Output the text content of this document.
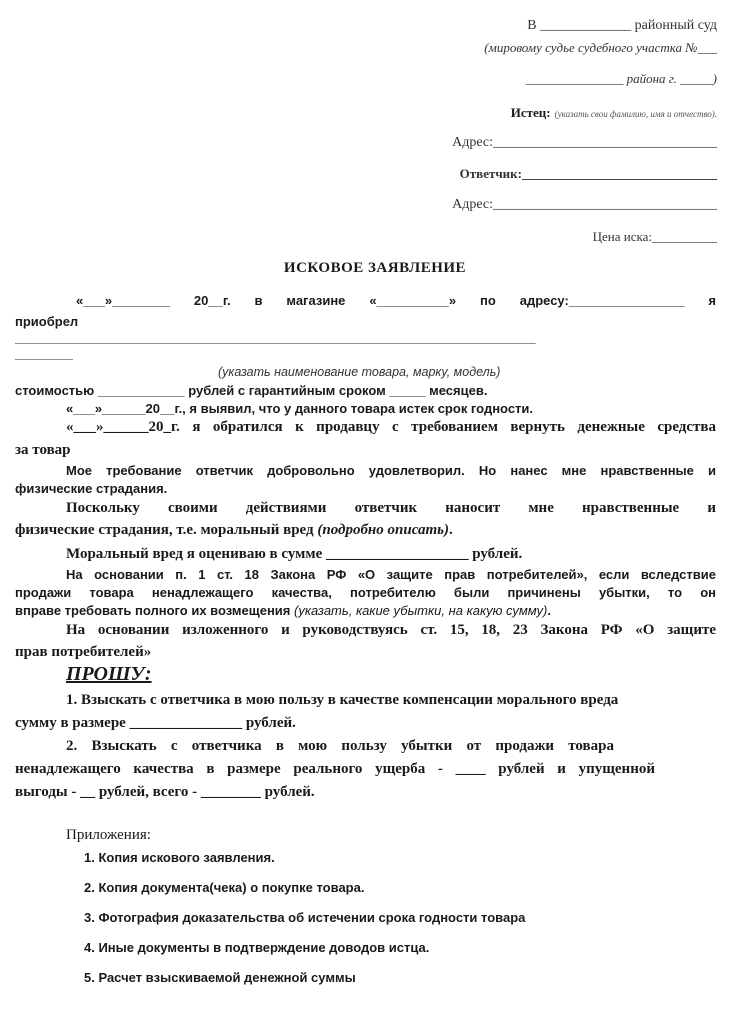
В _____________ районный суд
(мировому судье судебного участка №___
_______________ района г. _____)
Истец: (указать свои фамилию, имя и отчество).
Адрес:________________________________
Ответчик:______________________________
Адрес:________________________________
Цена иска:__________
ИСКОВОЕ ЗАЯВЛЕНИЕ
«___»________ 20__г. в магазине «__________» по адресу:________________ я
приобрел
________________________________________________________________________
________
(указать наименование товара, марку, модель)
стоимостью ____________ рублей с гарантийным сроком _____ месяцев.
«___»______20__г., я выявил, что у данного товара истек срок годности.
«___»______20_г. я обратился к продавцу с требованием вернуть денежные средства
за товар
Мое требование ответчик добровольно удовлетворил. Но нанес мне нравственные и
физические страдания.
Поскольку своими действиями ответчик наносит мне нравственные и
физические страдания, т.е. моральный вред (подробно описать).
Моральный вред я оцениваю в сумме ___________________ рублей.
На основании п. 1 ст. 18 Закона РФ «О защите прав потребителей», если вследствие
продажи товара ненадлежащего качества, потребителю были причинены убытки, то он
вправе требовать полного их возмещения (указать, какие убытки, на какую сумму).
На основании изложенного и руководствуясь ст. 15, 18, 23 Закона РФ «О защите
прав потребителей»
ПРОШУ:
1. Взыскать с ответчика в мою пользу в качестве компенсации морального вреда
сумму в размере _______________ рублей.
2. Взыскать с ответчика в мою пользу убытки от продажи товара
ненадлежащего качества в размере реального ущерба - ____ рублей и упущенной
выгоды - __ рублей, всего - ________ рублей.
Приложения:
1. Копия искового заявления.
2. Копия документа(чека) о покупке товара.
3. Фотография доказательства об истечении срока годности товара
4. Иные документы в подтверждение доводов истца.
5. Расчет взыскиваемой денежной суммы
